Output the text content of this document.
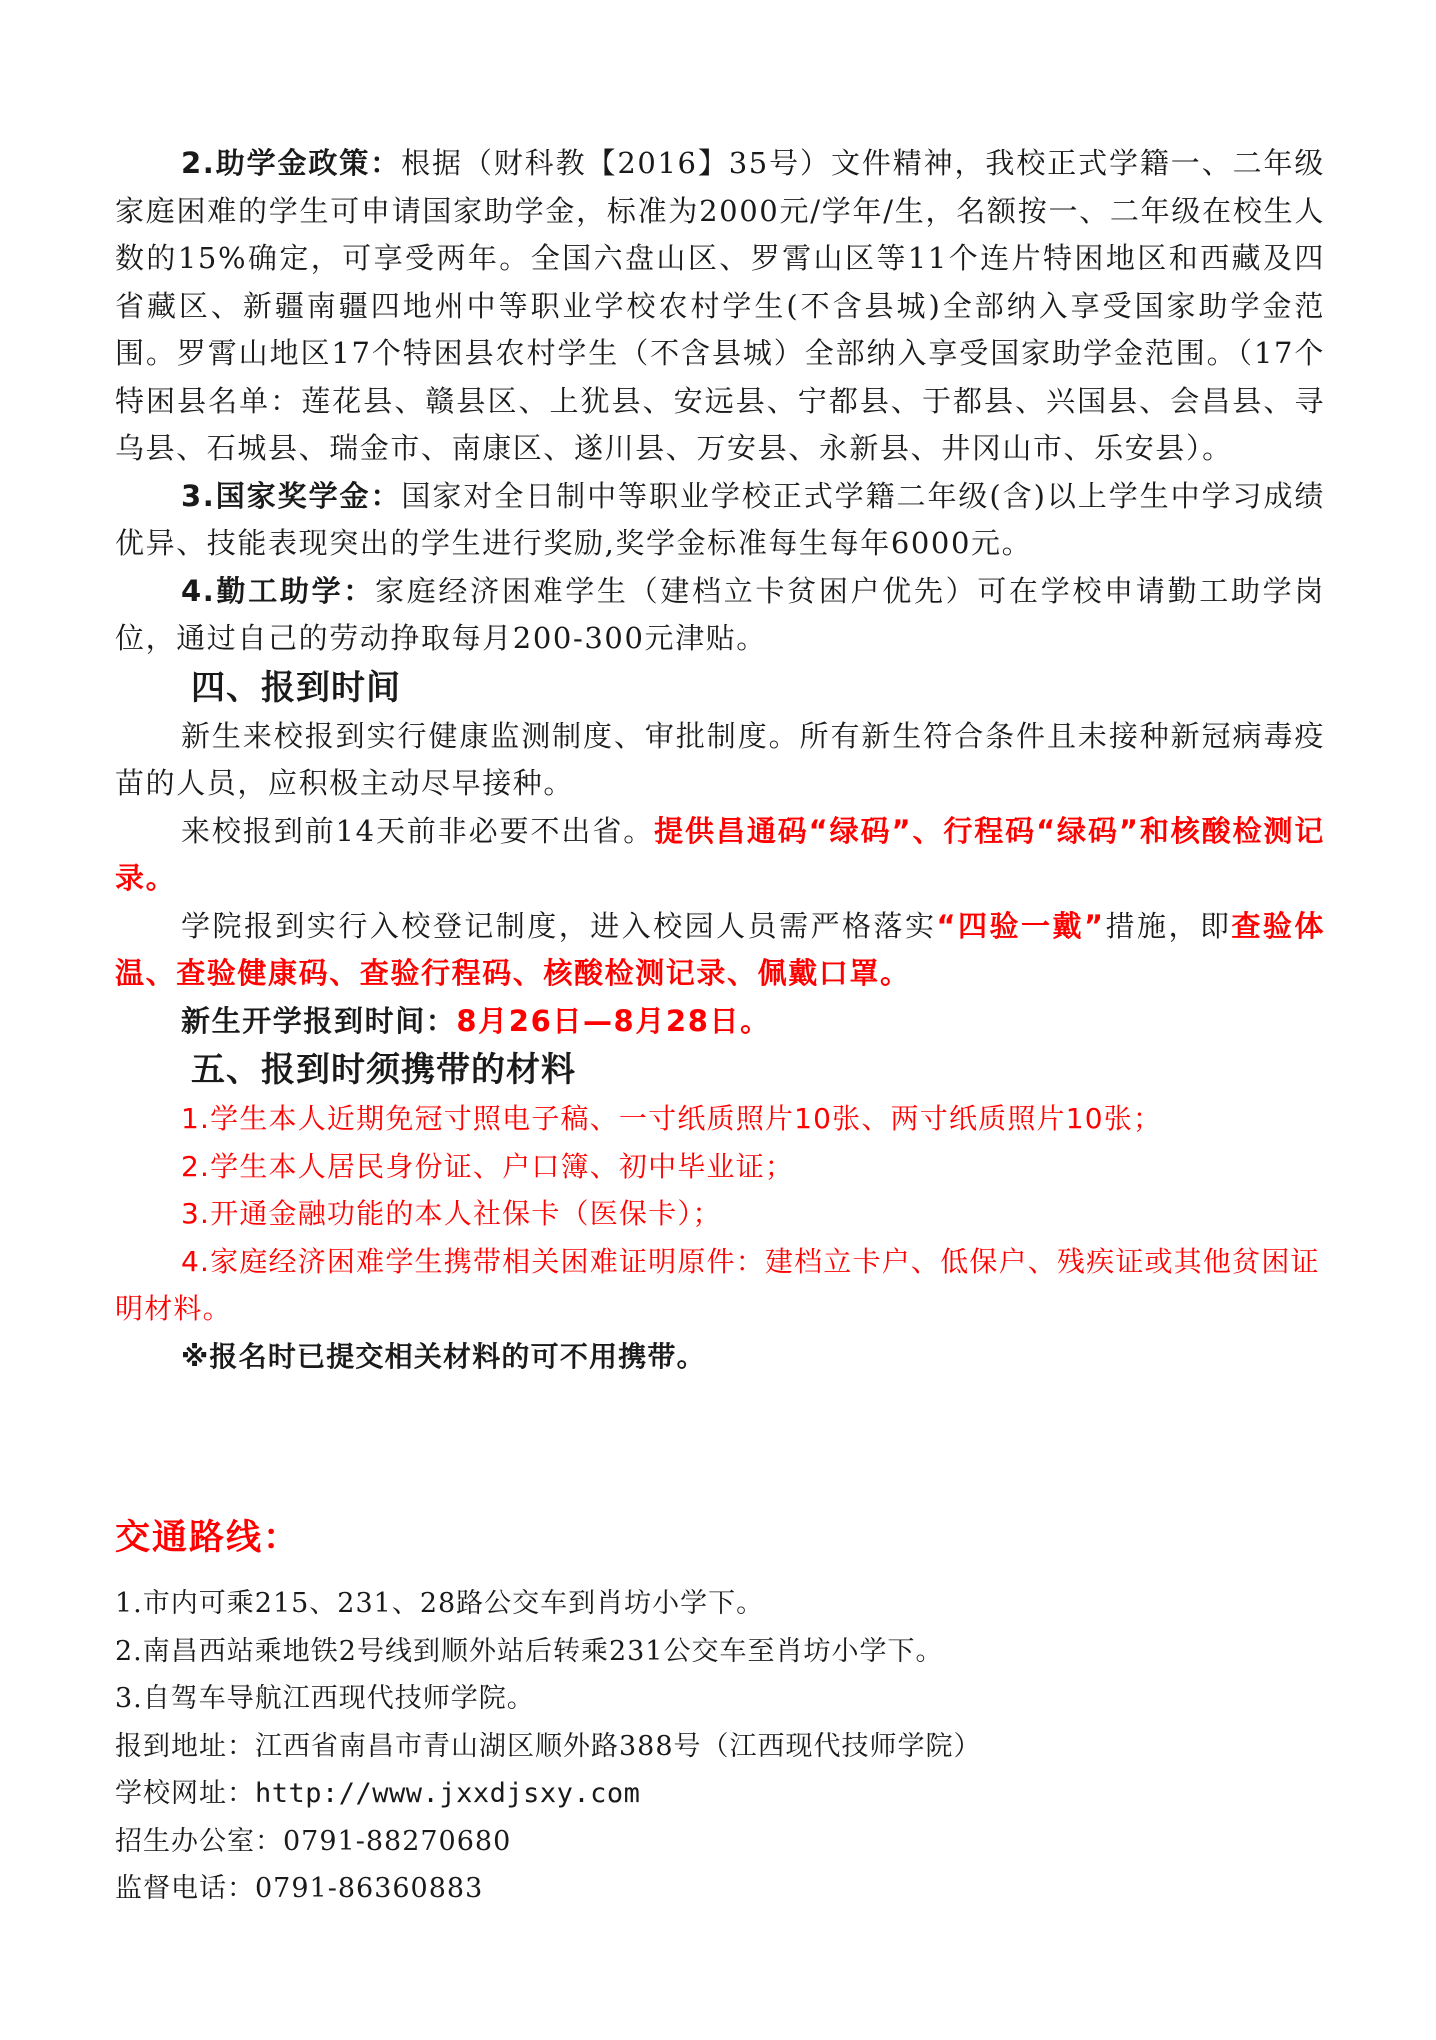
2.助学金政策：根据（财科教【2016】35号）文件精神，我校正式学籍一、二年级家庭困难的学生可申请国家助学金，标准为2000元/学年/生，名额按一、二年级在校生人数的15%确定，可享受两年。全国六盘山区、罗霄山区等11个连片特困地区和西藏及四省藏区、新疆南疆四地州中等职业学校农村学生(不含县城)全部纳入享受国家助学金范围。罗霄山地区17个特困县农村学生（不含县城）全部纳入享受国家助学金范围。（17个特困县名单：莲花县、赣县区、上犹县、安远县、宁都县、于都县、兴国县、会昌县、寻乌县、石城县、瑞金市、南康区、遂川县、万安县、永新县、井冈山市、乐安县）。

3.国家奖学金：国家对全日制中等职业学校正式学籍二年级(含)以上学生中学习成绩优异、技能表现突出的学生进行奖励,奖学金标准每生每年6000元。

4.勤工助学：家庭经济困难学生（建档立卡贫困户优先）可在学校申请勤工助学岗位，通过自己的劳动挣取每月200-300元津贴。

四、报到时间

新生来校报到实行健康监测制度、审批制度。所有新生符合条件且未接种新冠病毒疫苗的人员，应积极主动尽早接种。

来校报到前14天前非必要不出省。提供昌通码“绿码”、行程码“绿码”和核酸检测记录。

学院报到实行入校登记制度，进入校园人员需严格落实“四验一戴”措施，即查验体温、查验健康码、查验行程码、核酸检测记录、佩戴口罩。

新生开学报到时间：8月26日—8月28日。

五、报到时须携带的材料

1.学生本人近期免冠寸照电子稿、一寸纸质照片10张、两寸纸质照片10张；

2.学生本人居民身份证、户口簿、初中毕业证；

3.开通金融功能的本人社保卡（医保卡）；

4.家庭经济困难学生携带相关困难证明原件：建档立卡户、低保户、残疾证或其他贫困证明材料。

※报名时已提交相关材料的可不用携带。

交通路线：

1.市内可乘215、231、28路公交车到肖坊小学下。

2.南昌西站乘地铁2号线到顺外站后转乘231公交车至肖坊小学下。

3.自驾车导航江西现代技师学院。

报到地址：江西省南昌市青山湖区顺外路388号（江西现代技师学院）

学校网址：http://www.jxxdjsxy.com

招生办公室：0791-88270680

监督电话：0791-86360883
